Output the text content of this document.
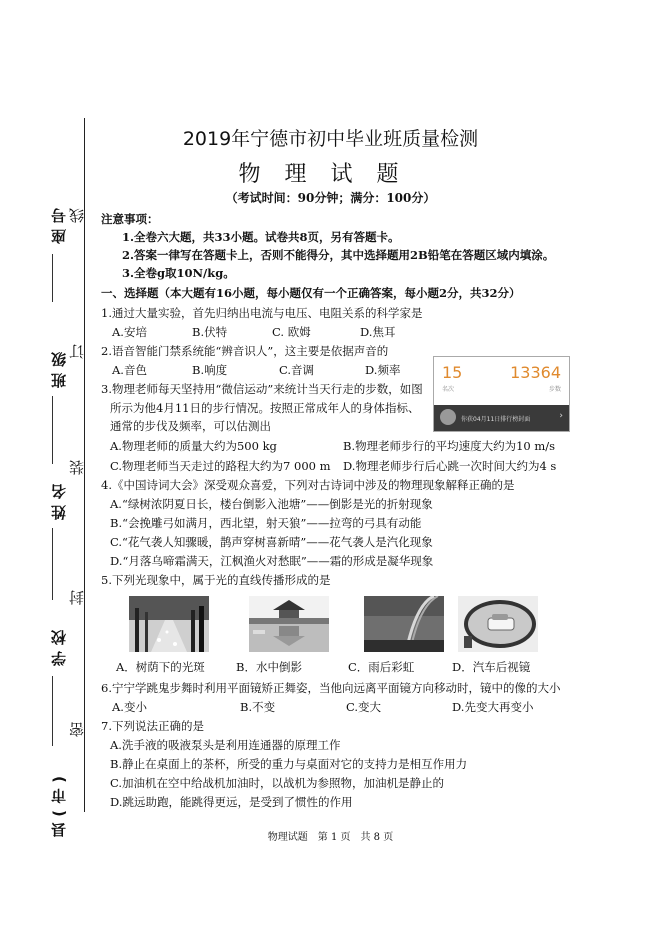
座号
班级
姓名
学校
县(市)
线
订
装
封
密
2019年宁德市初中毕业班质量检测
物理试题
（考试时间：90分钟；满分：100分）
注意事项：
1.全卷六大题，共33小题。试卷共8页，另有答题卡。
2.答案一律写在答题卡上，否则不能得分，其中选择题用2B铅笔在答题区域内填涂。
3.全卷g取10N/kg。
一、选择题（本大题有16小题，每小题仅有一个正确答案，每小题2分，共32分）
1.通过大量实验，首先归纳出电流与电压、电阻关系的科学家是
A.安培	B.伏特	C. 欧姆	D.焦耳
2.语音智能门禁系统能“辨音识人”，这主要是依据声音的
A.音色	B.响度	C.音调	D.频率	15	13364
名次	步数
你获04月11日排行榜封面	›
3.物理老师每天坚持用“微信运动”来统计当天行走的步数，如图
所示为他4月11日的步行情况。按照正常成年人的身体指标、
通常的步伐及频率，可以估测出
A.物理老师的质量大约为500 kg	B.物理老师步行的平均速度大约为10 m/s
C.物理老师当天走过的路程大约为7 000 m D.物理老师步行后心跳一次时间大约为4 s
4.《中国诗词大会》深受观众喜爱，下列对古诗词中涉及的物理现象解释正确的是
A.“绿树浓阴夏日长，楼台倒影入池塘”——倒影是光的折射现象
B.“会挽雕弓如满月，西北望，射天狼”——拉弯的弓具有动能
C.“花气袭人知骤暖，鹊声穿树喜新晴”——花气袭人是汽化现象
D.“月落乌啼霜满天，江枫渔火对愁眠”——霜的形成是凝华现象
5.下列光现象中，属于光的直线传播形成的是
A．树荫下的光斑	B．水中倒影	C．雨后彩虹	D．汽车后视镜
6.宁宁学跳鬼步舞时利用平面镜矫正舞姿，当他向远离平面镜方向移动时，镜中的像的大小
A.变小	B.不变	C.变大	D.先变大再变小
7.下列说法正确的是
A.洗手液的吸液泵头是利用连通器的原理工作
B.静止在桌面上的茶杯，所受的重力与桌面对它的支持力是相互作用力
C.加油机在空中给战机加油时，以战机为参照物，加油机是静止的
D.跳远助跑，能跳得更远，是受到了惯性的作用
物理试题　第 1 页　共 8 页
